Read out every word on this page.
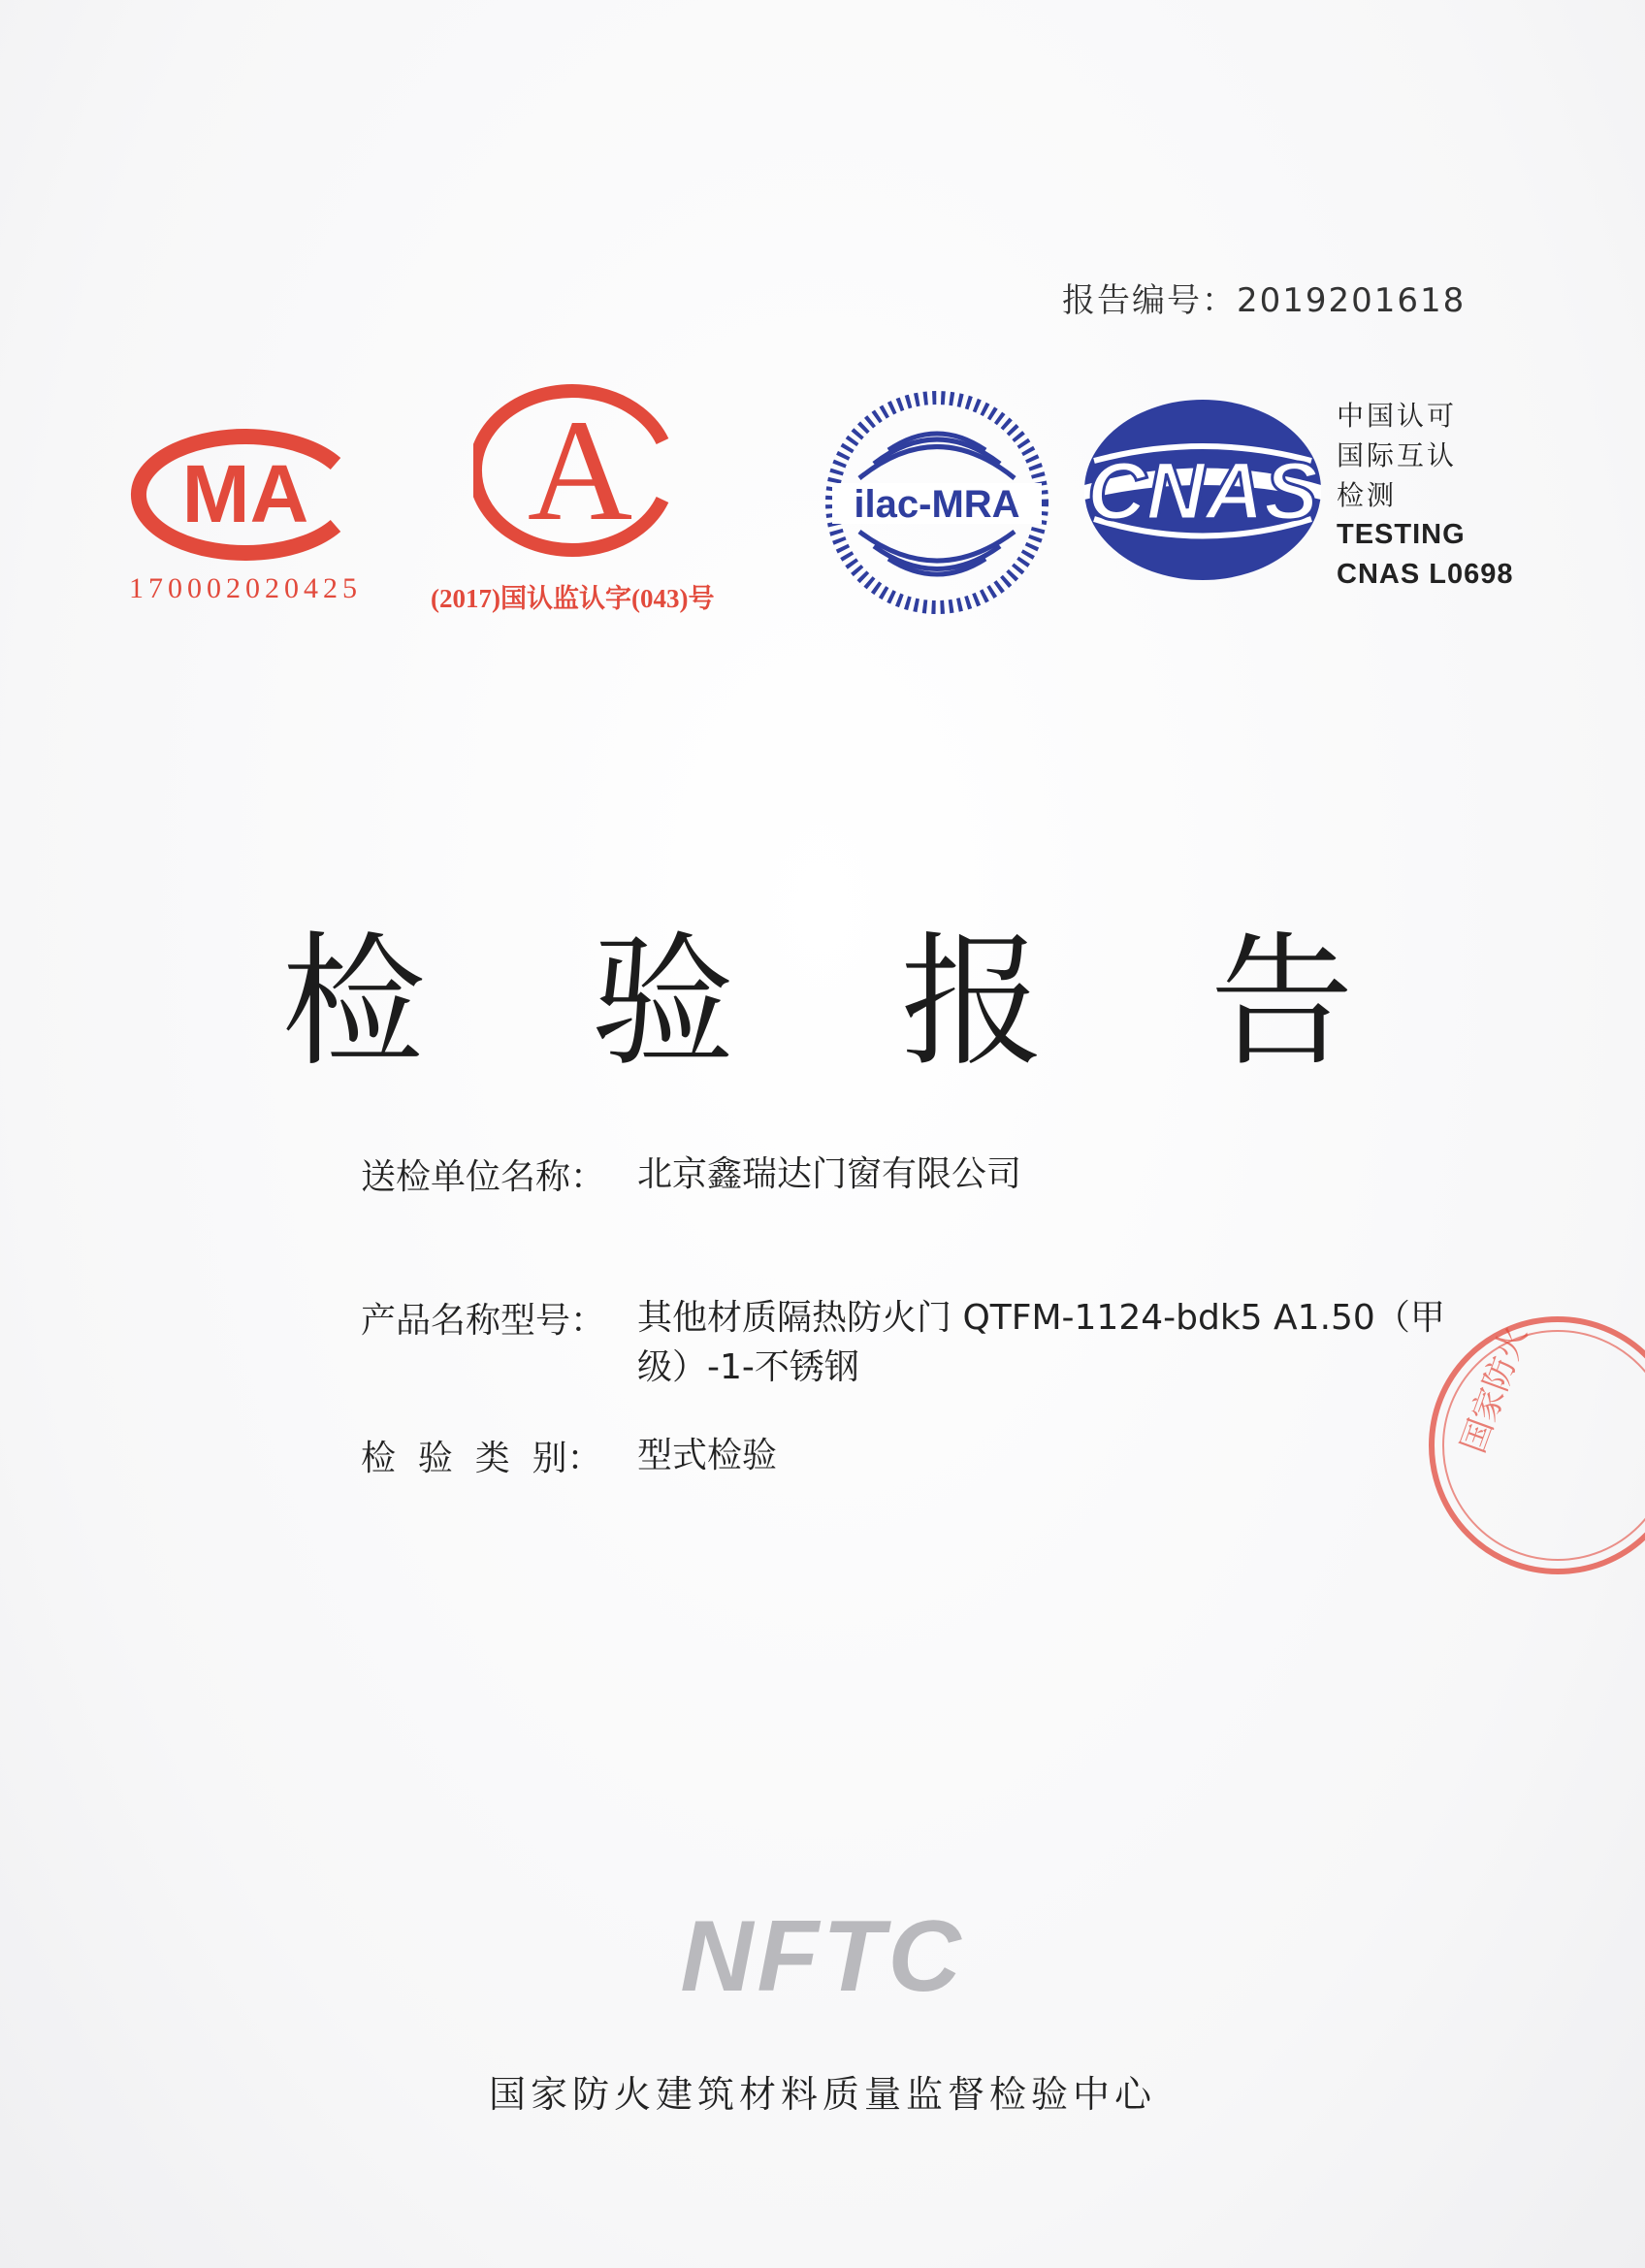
报告编号：2019201618
MA
170002020425
A
(2017)国认监认字(043)号
ilac-MRA CNAS
中国认可
国际互认
检测
TESTING
CNAS L0698
检 验 报 告
送检单位名称： 北京鑫瑞达门窗有限公司
产品名称型号： 其他材质隔热防火门 QTFM-1124-bdk5 A1.50（甲级）-1-不锈钢
检  验  类  别： 型式检验	国家防火
NFTC
国家防火建筑材料质量监督检验中心
